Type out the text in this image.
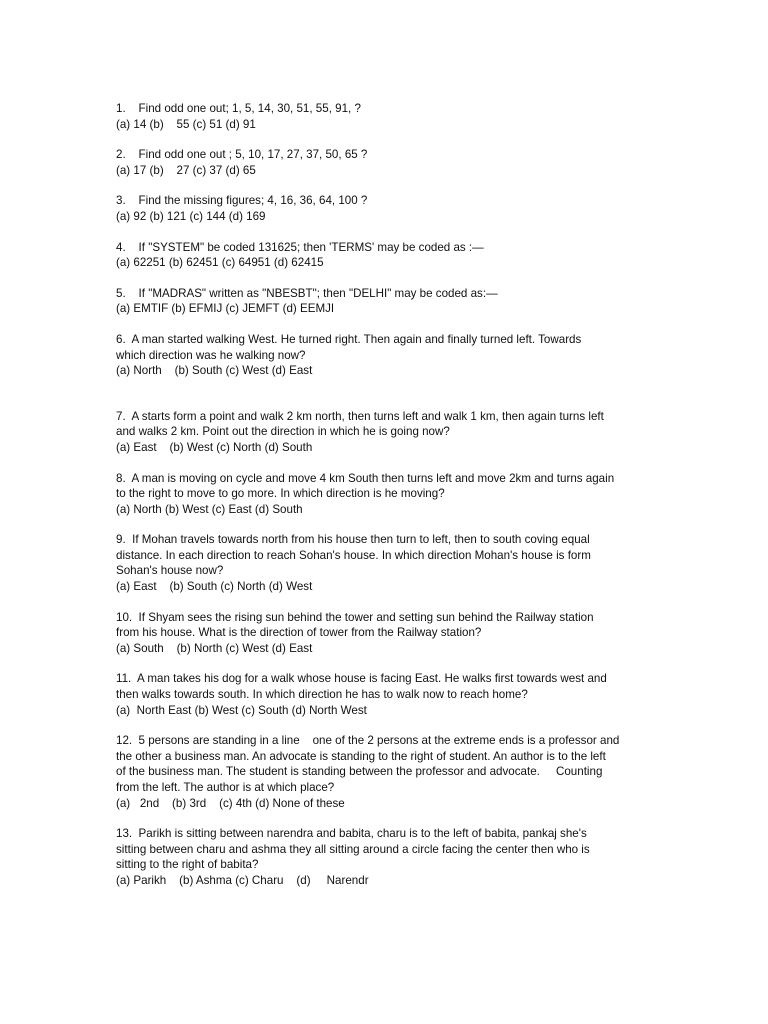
1.    Find odd one out; 1, 5, 14, 30, 51, 55, 91, ?
(a) 14 (b)    55 (c) 51 (d) 91
2.    Find odd one out ; 5, 10, 17, 27, 37, 50, 65 ?
(a) 17 (b)    27 (c) 37 (d) 65
3.    Find the missing figures; 4, 16, 36, 64, 100 ?
(a) 92 (b) 121 (c) 144 (d) 169
4.    If "SYSTEM" be coded 131625; then 'TERMS' may be coded as :—
(a) 62251 (b) 62451 (c) 64951 (d) 62415
5.    If "MADRAS" written as "NBESBT"; then "DELHI" may be coded as:—
(a) EMTIF (b) EFMIJ (c) JEMFT (d) EEMJI
6.  A man started walking West. He turned right. Then again and finally turned left. Towards
which direction was he walking now?
(a) North    (b) South (c) West (d) East
7.  A starts form a point and walk 2 km north, then turns left and walk 1 km, then again turns left
and walks 2 km. Point out the direction in which he is going now?
(a) East    (b) West (c) North (d) South
8.  A man is moving on cycle and move 4 km South then turns left and move 2km and turns again
to the right to move to go more. In which direction is he moving?
(a) North (b) West (c) East (d) South
9.  If Mohan travels towards north from his house then turn to left, then to south coving equal
distance. In each direction to reach Sohan's house. In which direction Mohan's house is form
Sohan's house now?
(a) East    (b) South (c) North (d) West
10.  If Shyam sees the rising sun behind the tower and setting sun behind the Railway station
from his house. What is the direction of tower from the Railway station?
(a) South    (b) North (c) West (d) East
11.  A man takes his dog for a walk whose house is facing East. He walks first towards west and
then walks towards south. In which direction he has to walk now to reach home?
(a)  North East (b) West (c) South (d) North West
12.  5 persons are standing in a line    one of the 2 persons at the extreme ends is a professor and
the other a business man. An advocate is standing to the right of student. An author is to the left
of the business man. The student is standing between the professor and advocate.     Counting
from the left. The author is at which place?
(a)   2nd    (b) 3rd    (c) 4th (d) None of these
13.  Parikh is sitting between narendra and babita, charu is to the left of babita, pankaj she's
sitting between charu and ashma they all sitting around a circle facing the center then who is
sitting to the right of babita?
(a) Parikh    (b) Ashma (c) Charu    (d)     Narendr
